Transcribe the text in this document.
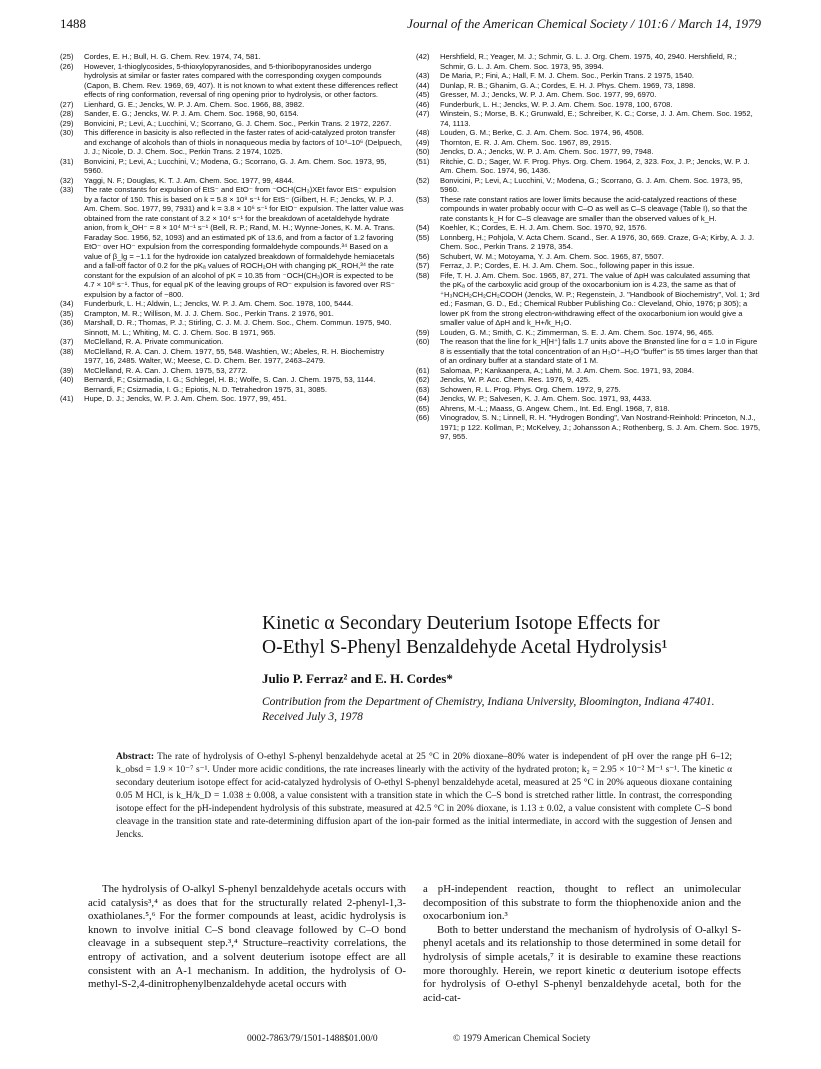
1488	Journal of the American Chemical Society / 101:6 / March 14, 1979
(25) Cordes, E. H.; Bull, H. G. Chem. Rev. 1974, 74, 581.
(26) However, 1-thioglycosides, 5-thioxylopyranosides, and 5-thioribopyranosides undergo hydrolysis at similar or faster rates compared with the corresponding oxygen compounds (Capon, B. Chem. Rev. 1969, 69, 407). It is not known to what extent these differences reflect effects of ring conformation, reversal of ring opening prior to hydrolysis, or other factors.
(27) Lienhard, G. E.; Jencks, W. P. J. Am. Chem. Soc. 1966, 88, 3982.
(28) Sander, E. G.; Jencks, W. P. J. Am. Chem. Soc. 1968, 90, 6154.
(29) Bonvicini, P.; Levi, A.; Lucchini, V.; Scorrano, G. J. Chem. Soc., Perkin Trans. 2 1972, 2267.
(30) This difference in basicity is also reflected in the faster rates of acid-catalyzed proton transfer and exchange of alcohols than of thiols in nonaqueous media by factors of 10⁴–10⁶ (Delpuech, J. J.; Nicole, D. J. Chem. Soc., Perkin Trans. 2 1974, 1025.
(31) Bonvicini, P.; Levi, A.; Lucchini, V.; Modena, G.; Scorrano, G. J. Am. Chem. Soc. 1973, 95, 5960.
(32) Yaggi, N. F.; Douglas, K. T. J. Am. Chem. Soc. 1977, 99, 4844.
(33) The rate constants for expulsion of EtS⁻ and EtO⁻ from ⁻OCH(CH₃)XEt favor EtS⁻ expulsion by a factor of 150. This is based on k = 5.8 × 10⁸ s⁻¹ for EtS⁻ (Gilbert, H. F.; Jencks, W. P. J. Am. Chem. Soc. 1977, 99, 7931) and k = 3.8 × 10⁶ s⁻¹ for EtO⁻ expulsion. The latter value was obtained from the rate constant of 3.2 × 10⁴ s⁻¹ for the breakdown of acetaldehyde hydrate anion, from k_OH⁻ = 8 × 10⁴ M⁻¹ s⁻¹ (Bell, R. P.; Rand, M. H.; Wynne-Jones, K. M. A. Trans. Faraday Soc. 1956, 52, 1093) and an estimated pK of 13.6, and from a factor of 1.2 favoring EtO⁻ over HO⁻ expulsion from the corresponding formaldehyde compounds.³⁴ Based on a value of β_lg = −1.1 for the hydroxide ion catalyzed breakdown of formaldehyde hemiacetals and a fall-off factor of 0.2 for the pKₐ values of ROCH₂OH with changing pK_ROH,³⁴ the rate constant for the expulsion of an alcohol of pK = 10.35 from ⁻OCH(CH₃)OR is expected to be 4.7 × 10⁸ s⁻¹. Thus, for equal pK of the leaving groups of RO⁻ expulsion is favored over RS⁻ expulsion by a factor of ~800.
(34) Funderburk, L. H.; Aldwin, L.; Jencks, W. P. J. Am. Chem. Soc. 1978, 100, 5444.
(35) Crampton, M. R.; Willison, M. J. J. Chem. Soc., Perkin Trans. 2 1976, 901.
(36) Marshall, D. R.; Thomas, P. J.; Stirling, C. J. M. J. Chem. Soc., Chem. Commun. 1975, 940. Sinnott, M. L.; Whiting, M. C. J. Chem. Soc. B 1971, 965.
(37) McClelland, R. A. Private communication.
(38) McClelland, R. A. Can. J. Chem. 1977, 55, 548. Washtien, W.; Abeles, R. H. Biochemistry 1977, 16, 2485. Walter, W.; Meese, C. D. Chem. Ber. 1977, 2463–2479.
(39) McClelland, R. A. Can. J. Chem. 1975, 53, 2772.
(40) Bernardi, F.; Csizmadia, I. G.; Schlegel, H. B.; Wolfe, S. Can. J. Chem. 1975, 53, 1144. Bernardi, F.; Csizmadia, I. G.; Epiotis, N. D. Tetrahedron 1975, 31, 3085.
(41) Hupe, D. J.; Jencks, W. P. J. Am. Chem. Soc. 1977, 99, 451.
(42) Hershfield, R.; Yeager, M. J.; Schmir, G. L. J. Org. Chem. 1975, 40, 2940. Hershfield, R.; Schmir, G. L. J. Am. Chem. Soc. 1973, 95, 3994.
(43) De Maria, P.; Fini, A.; Hall, F. M. J. Chem. Soc., Perkin Trans. 2 1975, 1540.
(44) Dunlap, R. B.; Ghanim, G. A.; Cordes, E. H. J. Phys. Chem. 1969, 73, 1898.
(45) Gresser, M. J.; Jencks, W. P. J. Am. Chem. Soc. 1977, 99, 6970.
(46) Funderburk, L. H.; Jencks, W. P. J. Am. Chem. Soc. 1978, 100, 6708.
(47) Winstein, S.; Morse, B. K.; Grunwald, E.; Schreiber, K. C.; Corse, J. J. Am. Chem. Soc. 1952, 74, 1113.
(48) Louden, G. M.; Berke, C. J. Am. Chem. Soc. 1974, 96, 4508.
(49) Thornton, E. R. J. Am. Chem. Soc. 1967, 89, 2915.
(50) Jencks, D. A.; Jencks, W. P. J. Am. Chem. Soc. 1977, 99, 7948.
(51) Ritchie, C. D.; Sager, W. F. Prog. Phys. Org. Chem. 1964, 2, 323. Fox, J. P.; Jencks, W. P. J. Am. Chem. Soc. 1974, 96, 1436.
(52) Bonvicini, P.; Levi, A.; Lucchini, V.; Modena, G.; Scorrano, G. J. Am. Chem. Soc. 1973, 95, 5960.
(53) These rate constant ratios are lower limits because the acid-catalyzed reactions of these compounds in water probably occur with C–O as well as C–S cleavage (Table I), so that the rate constants k_H for C–S cleavage are smaller than the observed values of k_H.
(54) Koehler, K.; Cordes, E. H. J. Am. Chem. Soc. 1970, 92, 1576.
(55) Lonnberg, H.; Pohjola, V. Acta Chem. Scand., Ser. A 1976, 30, 669. Craze, G-A; Kirby, A. J. J. Chem. Soc., Perkin Trans. 2 1978, 354.
(56) Schubert, W. M.; Motoyama, Y. J. Am. Chem. Soc. 1965, 87, 5507.
(57) Ferraz, J. P.; Cordes, E. H. J. Am. Chem. Soc., following paper in this issue.
(58) Fife, T. H. J. Am. Chem. Soc. 1965, 87, 271. The value of ΔpH was calculated assuming that the pKₐ of the carboxylic acid group of the oxocarbonium ion is 4.23, the same as that of ⁺H₃NCH₂CH₂CH₂COOH (Jencks, W. P.; Regenstein, J. "Handbook of Biochemistry", Vol. 1; 3rd ed.; Fasman, G. D., Ed.; Chemical Rubber Publishing Co.: Cleveland, Ohio, 1976; p 305); a lower pK from the strong electron-withdrawing effect of the oxocarbonium ion would give a smaller value of ΔpH and k_H+/k_H₂O.
(59) Louden, G. M.; Smith, C. K.; Zimmerman, S. E. J. Am. Chem. Soc. 1974, 96, 465.
(60) The reason that the line for k_H[H⁺] falls 1.7 units above the Brønsted line for α = 1.0 in Figure 8 is essentially that the total concentration of an H₃O⁺–H₂O "buffer" is 55 times larger than that of an ordinary buffer at a standard state of 1 M.
(61) Salomaa, P.; Kankaanpera, A.; Lahti, M. J. Am. Chem. Soc. 1971, 93, 2084.
(62) Jencks, W. P. Acc. Chem. Res. 1976, 9, 425.
(63) Schowen, R. L. Prog. Phys. Org. Chem. 1972, 9, 275.
(64) Jencks, W. P.; Salvesen, K. J. Am. Chem. Soc. 1971, 93, 4433.
(65) Ahrens, M.-L.; Maass, G. Angew. Chem., Int. Ed. Engl. 1968, 7, 818.
(66) Vinogradov, S. N.; Linnell, R. H. "Hydrogen Bonding", Van Nostrand-Reinhold: Princeton, N.J., 1971; p 122. Kollman, P.; McKelvey, J.; Johansson A.; Rothenberg, S. J. Am. Chem. Soc. 1975, 97, 955.
Kinetic α Secondary Deuterium Isotope Effects for
O-Ethyl S-Phenyl Benzaldehyde Acetal Hydrolysis¹
Julio P. Ferraz² and E. H. Cordes*
Contribution from the Department of Chemistry, Indiana University, Bloomington, Indiana 47401. Received July 3, 1978
Abstract: The rate of hydrolysis of O-ethyl S-phenyl benzaldehyde acetal at 25 °C in 20% dioxane–80% water is independent of pH over the range pH 6–12; k_obsd = 1.9 × 10⁻⁷ s⁻¹. Under more acidic conditions, the rate increases linearly with the activity of the hydrated proton; k₂ = 2.95 × 10⁻² M⁻¹ s⁻¹. The kinetic α secondary deuterium isotope effect for acid-catalyzed hydrolysis of O-ethyl S-phenyl benzaldehyde acetal, measured at 25 °C in 20% aqueous dioxane containing 0.05 M HCl, is k_H/k_D = 1.038 ± 0.008, a value consistent with a transition state in which the C–S bond is stretched rather little. In contrast, the corresponding isotope effect for the pH-independent hydrolysis of this substrate, measured at 42.5 °C in 20% dioxane, is 1.13 ± 0.02, a value consistent with complete C–S bond cleavage in the transition state and rate-determining diffusion apart of the ion-pair formed as the initial intermediate, in accord with the suggestion of Jensen and Jencks.

The hydrolysis of O-alkyl S-phenyl benzaldehyde acetals occurs with acid catalysis³,⁴ as does that for the structurally related 2-phenyl-1,3-oxathiolanes.⁵,⁶ For the former compounds at least, acidic hydrolysis is known to involve initial C–S bond cleavage followed by C–O bond cleavage in a subsequent step.³,⁴ Structure–reactivity correlations, the entropy of activation, and a solvent deuterium isotope effect are all consistent with an A-1 mechanism. In addition, the hydrolysis of O-methyl-S-2,4-dinitrophenylbenzaldehyde acetal occurs with

a pH-independent reaction, thought to reflect an unimolecular decomposition of this substrate to form the thiophenoxide anion and the oxocarbonium ion.³

Both to better understand the mechanism of hydrolysis of O-alkyl S-phenyl acetals and its relationship to those determined in some detail for hydrolysis of simple acetals,⁷ it is desirable to examine these reactions more thoroughly. Herein, we report kinetic α deuterium isotope effects for hydrolysis of O-ethyl S-phenyl benzaldehyde acetal, both for the acid-cat-

0002-7863/79/1501-1488$01.00/0	© 1979 American Chemical Society
